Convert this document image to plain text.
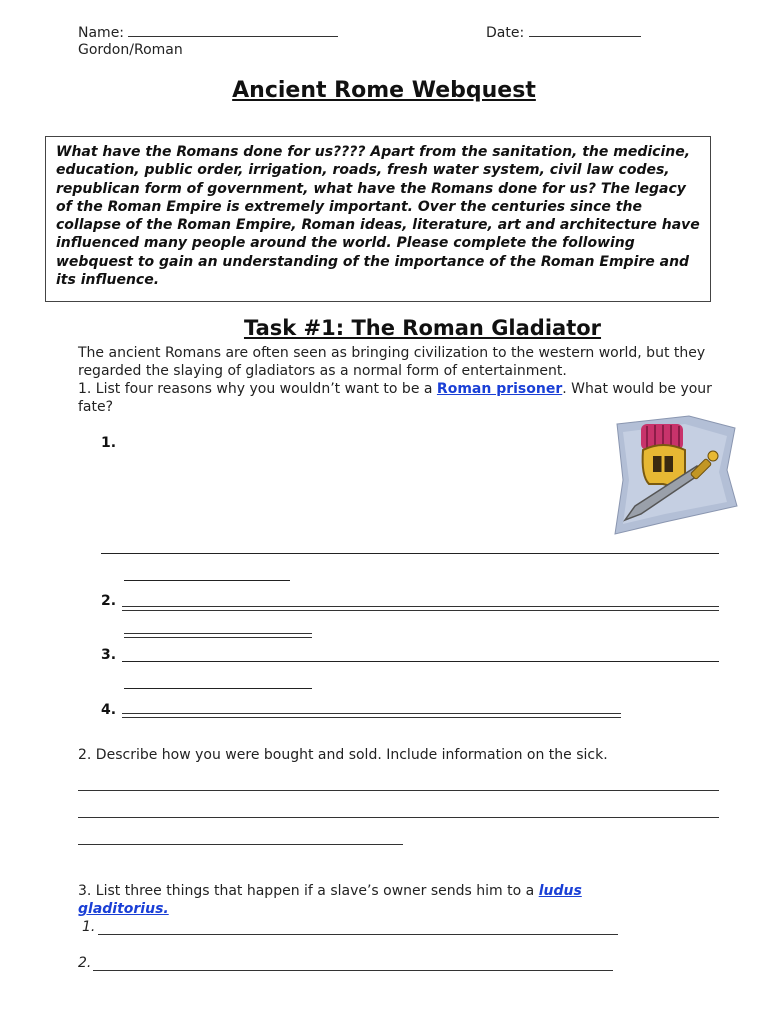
Name:	Date:
Gordon/Roman
Ancient Rome Webquest

What have the Romans done for us???? Apart from the sanitation, the medicine, education, public order, irrigation, roads, fresh water system, civil law codes, republican form of government, what have the Romans done for us? The legacy of the Roman Empire is extremely important. Over the centuries since the collapse of the Roman Empire, Roman ideas, literature, art and architecture have influenced many people around the world. Please complete the following webquest to gain an understanding of the importance of the Roman Empire and its influence.

Task #1: The Roman Gladiator
The ancient Romans are often seen as bringing civilization to the western world, but they regarded the slaying of gladiators as a normal form of entertainment.
1. List four reasons why you wouldn’t want to be a Roman prisoner. What would be your fate?
1.
2.
3.
4.
2. Describe how you were bought and sold. Include information on the sick.
3. List three things that happen if a slave’s owner sends him to a ludus gladitorius.
1.
2.
